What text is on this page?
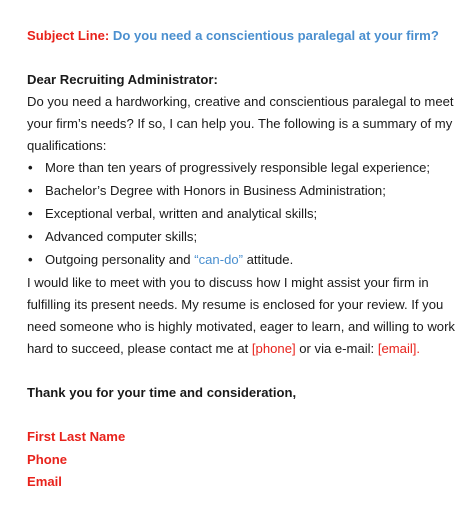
Subject Line: Do you need a conscientious paralegal at your firm?

Dear Recruiting Administrator:

Do you need a hardworking, creative and conscientious paralegal to meet your firm’s needs? If so, I can help you. The following is a summary of my qualifications:

• More than ten years of progressively responsible legal experience;
• Bachelor’s Degree with Honors in Business Administration;
• Exceptional verbal, written and analytical skills;
• Advanced computer skills;
• Outgoing personality and “can-do” attitude.

I would like to meet with you to discuss how I might assist your firm in fulfilling its present needs. My resume is enclosed for your review. If you need someone who is highly motivated, eager to learn, and willing to work hard to succeed, please contact me at [phone] or via e-mail: [email].

Thank you for your time and consideration,

First Last Name

Phone

Email
